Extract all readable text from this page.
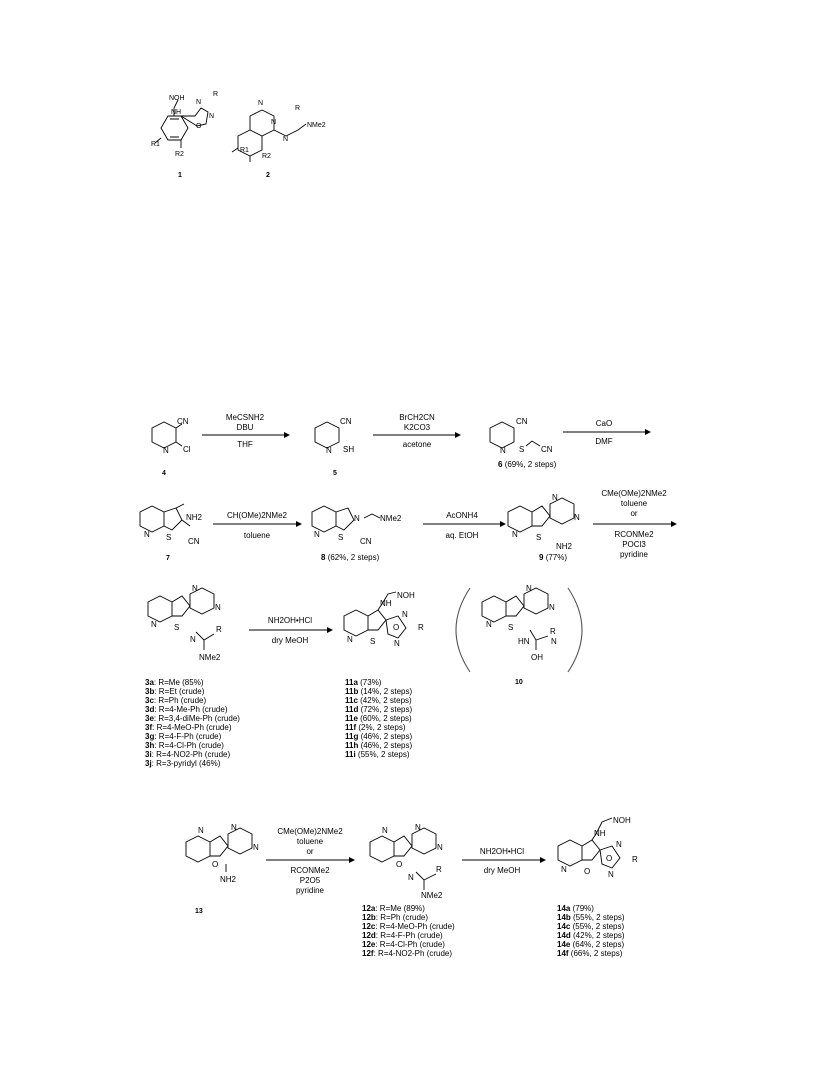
NOH
NH
N
R
O
N
R1
R2
1
N
N
R
N
NMe2
R1
R2
2
CN
N Cl
4
MeCSNH2
DBU
THF
CN
N SH
5
BrCH2CN
K2CO3
acetone
CN
N S CN
6 (69%, 2 steps)
CaO
DMF
NH2
N S CN
7
CH(OMe)2NMe2
toluene
N	NMe2
N S CN
8 (62%, 2 steps)
AcONH4
aq. EtOH
N
N
N S
NH2
9 (77%)
CMe(OMe)2NMe2
toluene
or
RCONMe2
POCl3
pyridine
N
N
N S
N
R
NMe2
3a: R=Me (85%)
3b: R=Et (crude)
3c: R=Ph (crude)
3d: R=4-Me-Ph (crude)
3e: R=3,4-diMe-Ph (crude)
3f: R=4-MeO-Ph (crude)
3g: R=4-F-Ph (crude)
3h: R=4-Cl-Ph (crude)
3i: R=4-NO2-Ph (crude)
3j: R=3-pyridyl (46%)
NH2OH•HCl
dry MeOH
NOH
NH
N S
O
N
N
R
11a (73%)
11b (14%, 2 steps)
11c (42%, 2 steps)
11d (72%, 2 steps)
11e (60%, 2 steps)
11f (2%, 2 steps)
11g (46%, 2 steps)
11h (46%, 2 steps)
11i (55%, 2 steps)
N
N
N S
HN
R
N
OH
10
N	N
N
O
NH2
13
CMe(OMe)2NMe2
toluene
or
RCONMe2
P2O5
pyridine
N	N
N
O
N
R
NMe2
12a: R=Me (89%)
12b: R=Ph (crude)
12c: R=4-MeO-Ph (crude)
12d: R=4-F-Ph (crude)
12e: R=4-Cl-Ph (crude)
12f: R=4-NO2-Ph (crude)
NH2OH•HCl
dry MeOH
NOH
N
NH
O
O
N
N
R
14a (79%)
14b (55%, 2 steps)
14c (55%, 2 steps)
14d (42%, 2 steps)
14e (64%, 2 steps)
14f (66%, 2 steps)
